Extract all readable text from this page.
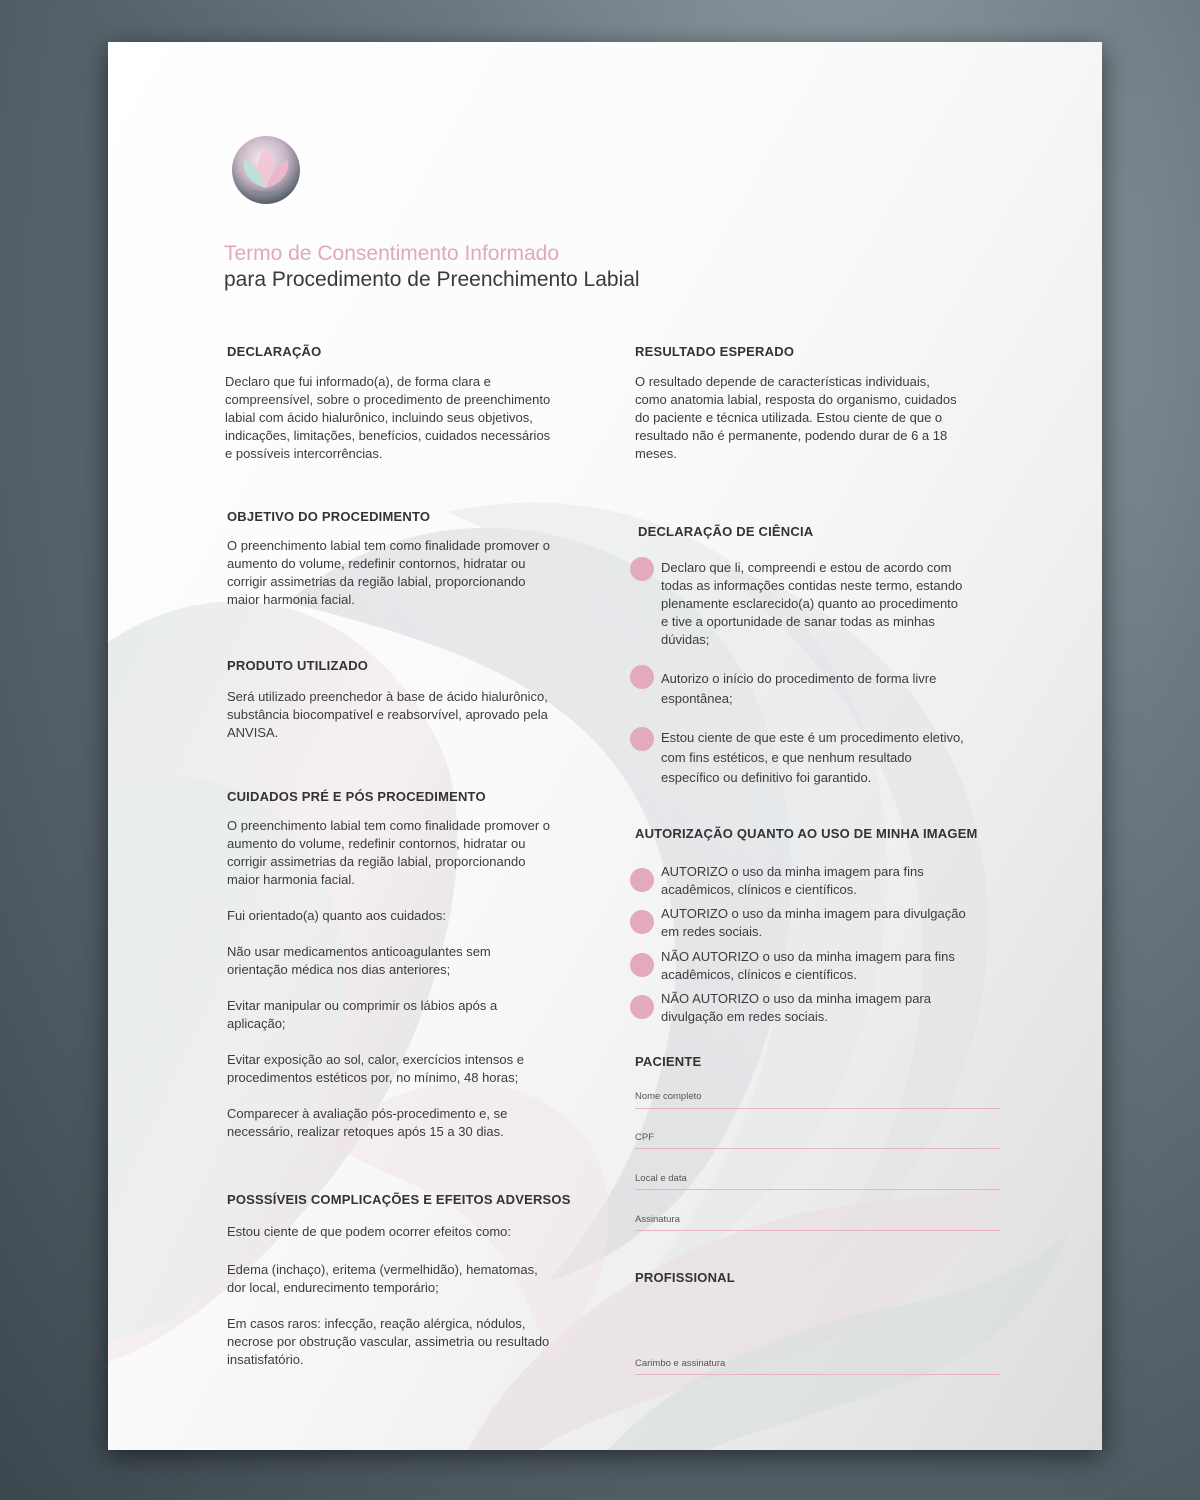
Termo de Consentimento Informado
para Procedimento de Preenchimento Labial
DECLARAÇÃO
Declaro que fui informado(a), de forma clara e
compreensível, sobre o procedimento de preenchimento
labial com ácido hialurônico, incluindo seus objetivos,
indicações, limitações, benefícios, cuidados necessários
e possíveis intercorrências.
OBJETIVO DO PROCEDIMENTO
O preenchimento labial tem como finalidade promover o
aumento do volume, redefinir contornos, hidratar ou
corrigir assimetrias da região labial, proporcionando
maior harmonia facial.
PRODUTO UTILIZADO
Será utilizado preenchedor à base de ácido hialurônico,
substância biocompatível e reabsorvível, aprovado pela
ANVISA.
CUIDADOS PRÉ E PÓS PROCEDIMENTO
O preenchimento labial tem como finalidade promover o
aumento do volume, redefinir contornos, hidratar ou
corrigir assimetrias da região labial, proporcionando
maior harmonia facial.
Fui orientado(a) quanto aos cuidados:
Não usar medicamentos anticoagulantes sem
orientação médica nos dias anteriores;
Evitar manipular ou comprimir os lábios após a
aplicação;
Evitar exposição ao sol, calor, exercícios intensos e
procedimentos estéticos por, no mínimo, 48 horas;
Comparecer à avaliação pós-procedimento e, se
necessário, realizar retoques após 15 a 30 dias.
POSSSÍVEIS COMPLICAÇÕES E EFEITOS ADVERSOS
Estou ciente de que podem ocorrer efeitos como:
Edema (inchaço), eritema (vermelhidão), hematomas,
dor local, endurecimento temporário;
Em casos raros: infecção, reação alérgica, nódulos,
necrose por obstrução vascular, assimetria ou resultado
insatisfatório.
RESULTADO ESPERADO
O resultado depende de características individuais,
como anatomia labial, resposta do organismo, cuidados
do paciente e técnica utilizada. Estou ciente de que o
resultado não é permanente, podendo durar de 6 a 18
meses.
DECLARAÇÃO DE CIÊNCIA
Declaro que li, compreendi e estou de acordo com
todas as informações contidas neste termo, estando
plenamente esclarecido(a) quanto ao procedimento
e tive a oportunidade de sanar todas as minhas
dúvidas;
Autorizo o início do procedimento de forma livre
espontânea;
Estou ciente de que este é um procedimento eletivo,
com fins estéticos, e que nenhum resultado
específico ou definitivo foi garantido.
AUTORIZAÇÃO QUANTO AO USO DE MINHA IMAGEM
AUTORIZO o uso da minha imagem para fins
acadêmicos, clínicos e científicos.
AUTORIZO o uso da minha imagem para divulgação
em redes sociais.
NÃO AUTORIZO o uso da minha imagem para fins
acadêmicos, clínicos e científicos.
NÃO AUTORIZO o uso da minha imagem para
divulgação em redes sociais.
PACIENTE
Nome completo
CPF
Local e data
Assinatura
PROFISSIONAL
Carimbo e assinatura
